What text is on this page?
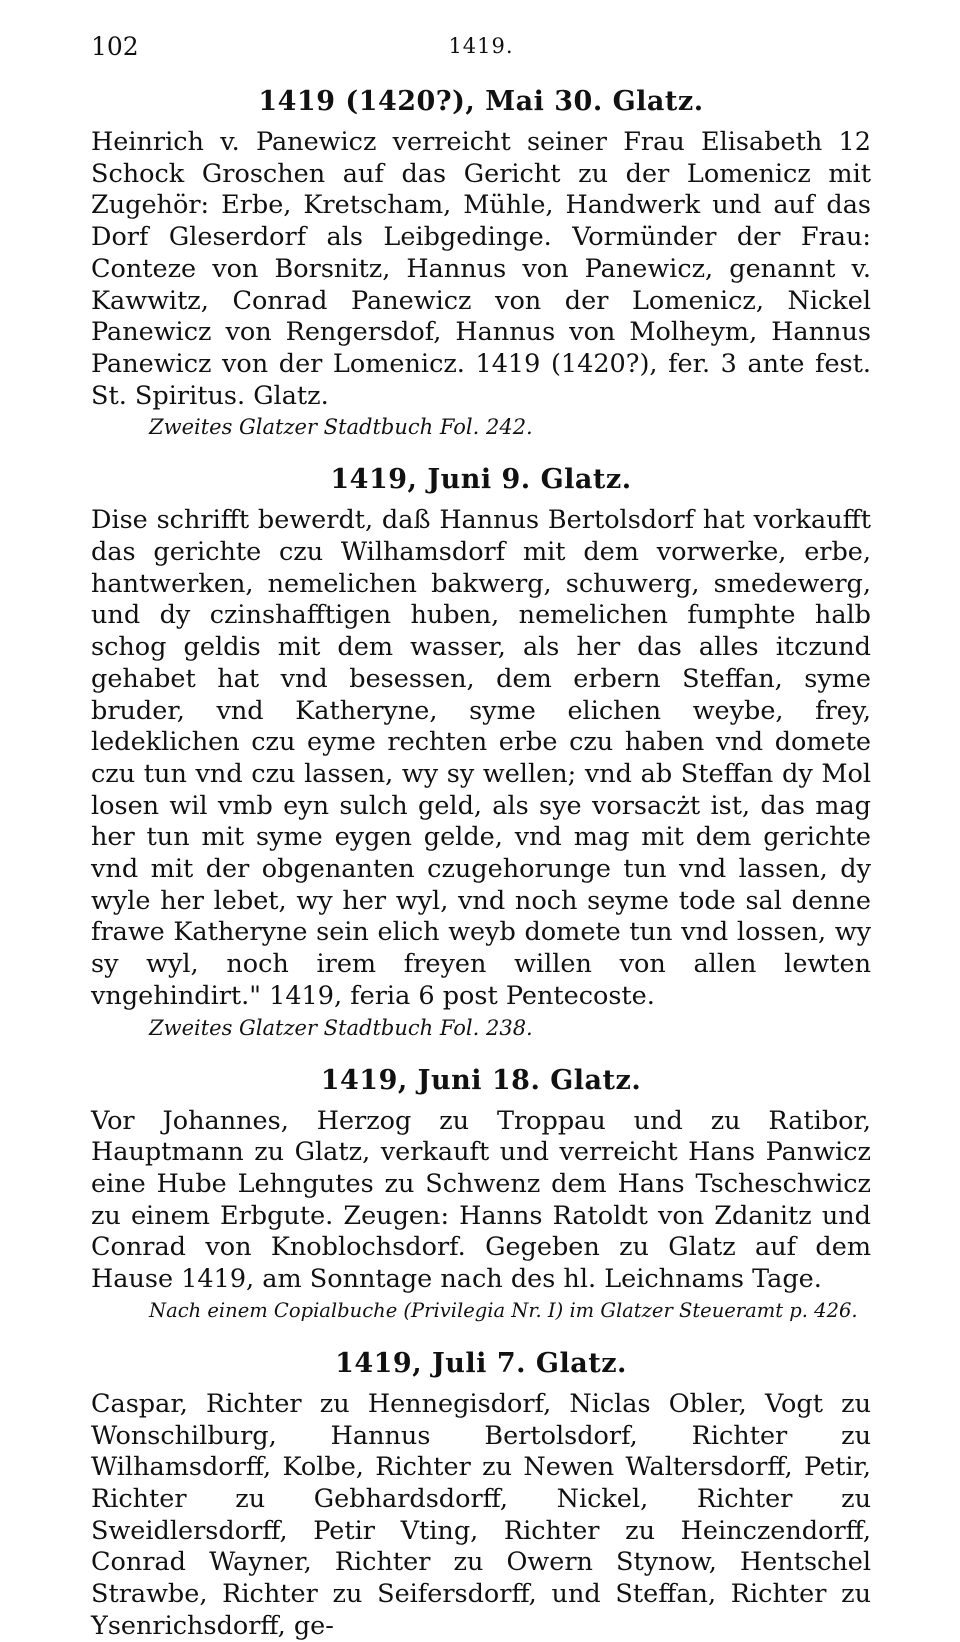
102	1419.
1419 (1420?), Mai 30. Glatz.

Heinrich v. Panewicz verreicht seiner Frau Elisabeth 12 Schock Groschen auf das Gericht zu der Lomenicz mit Zugehör: Erbe, Kretscham, Mühle, Handwerk und auf das Dorf Gleserdorf als Leibgedinge. Vormünder der Frau: Conteze von Borsnitz, Hannus von Panewicz, genannt v. Kawwitz, Conrad Panewicz von der Lomenicz, Nickel Panewicz von Rengersdof, Hannus von Molheym, Hannus Panewicz von der Lomenicz. 1419 (1420?), fer. 3 ante fest. St. Spiritus. Glatz.

Zweites Glatzer Stadtbuch Fol. 242.
1419, Juni 9. Glatz.

Dise schrifft bewerdt, daß Hannus Bertolsdorf hat vorkaufft das gerichte czu Wilhamsdorf mit dem vorwerke, erbe, hantwerken, nemelichen bakwerg, schuwerg, smedewerg, und dy czinshafftigen huben, nemelichen fumphte halb schog geldis mit dem wasser, als her das alles itczund gehabet hat vnd besessen, dem erbern Steffan, syme bruder, vnd Katheryne, syme elichen weybe, frey, ledeklichen czu eyme rechten erbe czu haben vnd domete czu tun vnd czu lassen, wy sy wellen; vnd ab Steffan dy Mol losen wil vmb eyn sulch geld, als sye vorsacżt ist, das mag her tun mit syme eygen gelde, vnd mag mit dem gerichte vnd mit der obgenanten czugehorunge tun vnd lassen, dy wyle her lebet, wy her wyl, vnd noch seyme tode sal denne frawe Katheryne sein elich weyb domete tun vnd lossen, wy sy wyl, noch irem freyen willen von allen lewten vngehindirt." 1419, feria 6 post Pentecoste.

Zweites Glatzer Stadtbuch Fol. 238.
1419, Juni 18. Glatz.

Vor Johannes, Herzog zu Troppau und zu Ratibor, Hauptmann zu Glatz, verkauft und verreicht Hans Panwicz eine Hube Lehngutes zu Schwenz dem Hans Tscheschwicz zu einem Erbgute. Zeugen: Hanns Ratoldt von Zdanitz und Conrad von Knoblochsdorf. Gegeben zu Glatz auf dem Hause 1419, am Sonntage nach des hl. Leichnams Tage.

Nach einem Copialbuche (Privilegia Nr. I) im Glatzer Steueramt p. 426.
1419, Juli 7. Glatz.

Caspar, Richter zu Hennegisdorf, Niclas Obler, Vogt zu Wonschilburg, Hannus Bertolsdorf, Richter zu Wilhamsdorff, Kolbe, Richter zu Newen Waltersdorff, Petir, Richter zu Gebhardsdorff, Nickel, Richter zu Sweidlersdorff, Petir Vting, Richter zu Heinczendorff, Conrad Wayner, Richter zu Owern Stynow, Hentschel Strawbe, Richter zu Seifersdorff, und Steffan, Richter zu Ysenrichsdorff, ge-
